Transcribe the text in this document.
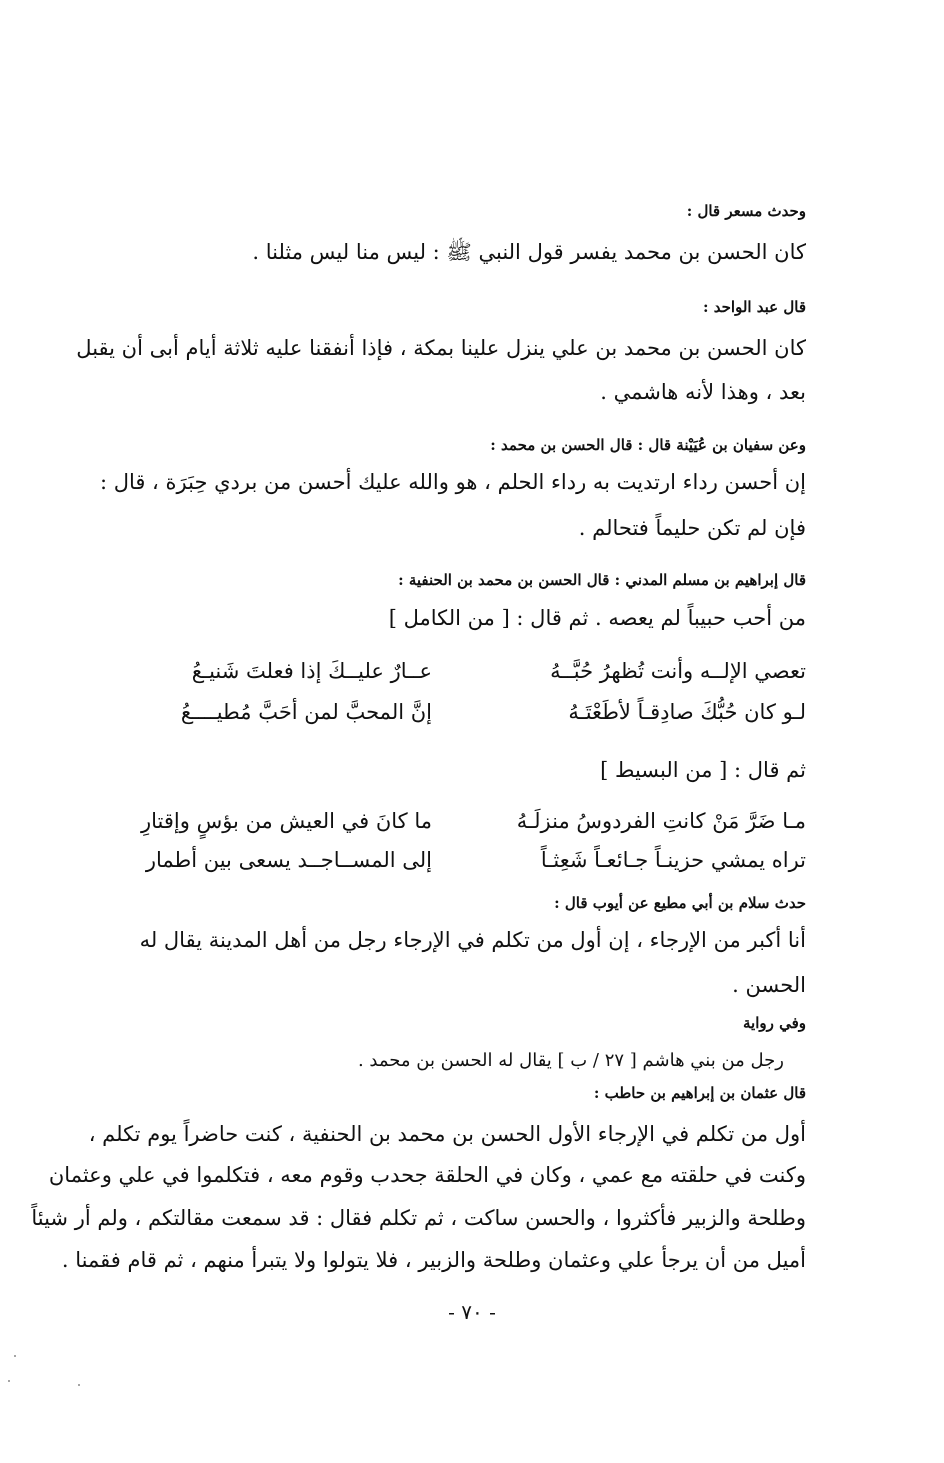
وحدث مسعر قال :
كان الحسن بن محمد يفسر قول النبي ﷺ : ليس منا ليس مثلنا .
قال عبد الواحد :
كان الحسن بن محمد بن علي ينزل علينا بمكة ، فإذا أنفقنا عليه ثلاثة أيام أبى أن يقبل
بعد ، وهذا لأنه هاشمي .
وعن سفيان بن عُيَيْنة قال : قال الحسن بن محمد :
إن أحسن رداء ارتديت به رداء الحلم ، هو والله عليك أحسن من بردي حِبَرَة ، قال :
فإن لم تكن حليماً فتحالم .
قال إبراهيم بن مسلم المدني : قال الحسن بن محمد بن الحنفية :
من أحب حبيباً لم يعصه . ثم قال : [ من الكامل ]
تعصي الإلــه وأنت تُظهرُ حُبَّــهُ
عــارٌ عليــكَ إذا فعلتَ شَنيـعُ
لـو كان حُبُّكَ صادِقـاً لأطَعْتَـهُ
إنَّ المحبَّ لمن أحَبَّ مُطيــــعُ
ثم قال : [ من البسيط ]
مـا ضَرَّ مَنْ كانتِ الفردوسُ منزلَـهُ
ما كانَ في العيش من بؤسٍ وإقتارِ
تراه يمشي حزينـاً جـائعـاً شَعِثـاً
إلى المســاجــد يسعى بين أطمار
حدث سلام بن أبي مطيع عن أيوب قال :
أنا أكبر من الإرجاء ، إن أول من تكلم في الإرجاء رجل من أهل المدينة يقال له
الحسن .
وفي رواية
رجل من بني هاشم [ ٢٧ / ب ] يقال له الحسن بن محمد .
قال عثمان بن إبراهيم بن حاطب :
أول من تكلم في الإرجاء الأول الحسن بن محمد بن الحنفية ، كنت حاضراً يوم تكلم ،
وكنت في حلقته مع عمي ، وكان في الحلقة جحدب وقوم معه ، فتكلموا في علي وعثمان
وطلحة والزبير فأكثروا ، والحسن ساكت ، ثم تكلم فقال : قد سمعت مقالتكم ، ولم أر شيئاً
أميل من أن يرجأ علي وعثمان وطلحة والزبير ، فلا يتولوا ولا يتبرأ منهم ، ثم قام فقمنا .
- ٧٠ -
